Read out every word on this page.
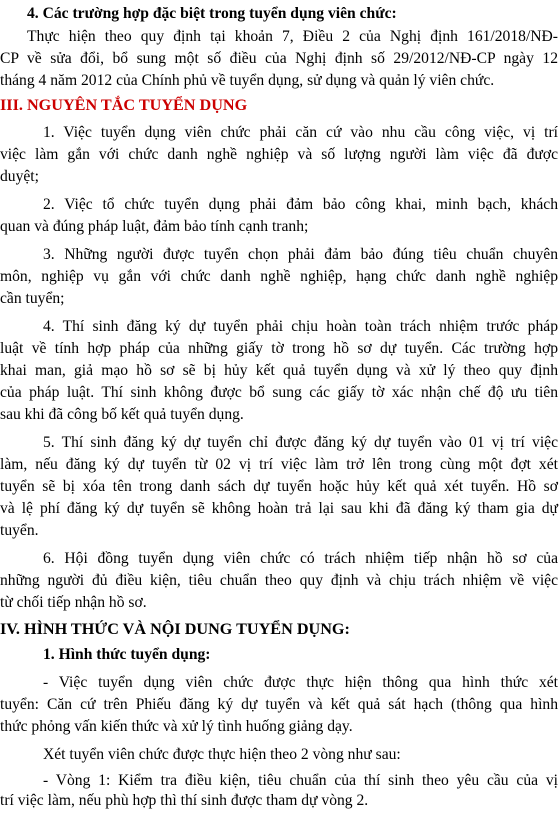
4. Các trường hợp đặc biệt trong tuyển dụng viên chức:
Thực hiện theo quy định tại khoản 7, Điều 2 của Nghị định 161/2018/NĐ-
CP về sửa đổi, bổ sung một số điều của Nghị định số 29/2012/NĐ-CP ngày 12
tháng 4 năm 2012 của Chính phủ về tuyển dụng, sử dụng và quản lý viên chức.
III. NGUYÊN TẮC TUYỂN DỤNG
1. Việc tuyển dụng viên chức phải căn cứ vào nhu cầu công việc, vị trí
việc làm gắn với chức danh nghề nghiệp và số lượng người làm việc đã được
duyệt;
2. Việc tổ chức tuyển dụng phải đảm bảo công khai, minh bạch, khách
quan và đúng pháp luật, đảm bảo tính cạnh tranh;
3. Những người được tuyển chọn phải đảm bảo đúng tiêu chuẩn chuyên
môn, nghiệp vụ gắn với chức danh nghề nghiệp, hạng chức danh nghề nghiệp
cần tuyển;
4. Thí sinh đăng ký dự tuyển phải chịu hoàn toàn trách nhiệm trước pháp
luật về tính hợp pháp của những giấy tờ trong hồ sơ dự tuyển. Các trường hợp
khai man, giả mạo hồ sơ sẽ bị hủy kết quả tuyển dụng và xử lý theo quy định
của pháp luật. Thí sinh không được bổ sung các giấy tờ xác nhận chế độ ưu tiên
sau khi đã công bố kết quả tuyển dụng.
5. Thí sinh đăng ký dự tuyển chỉ được đăng ký dự tuyển vào 01 vị trí việc
làm, nếu đăng ký dự tuyển từ 02 vị trí việc làm trở lên trong cùng một đợt xét
tuyển sẽ bị xóa tên trong danh sách dự tuyển hoặc hủy kết quả xét tuyển. Hồ sơ
và lệ phí đăng ký dự tuyển sẽ không hoàn trả lại sau khi đã đăng ký tham gia dự
tuyển.
6. Hội đồng tuyển dụng viên chức có trách nhiệm tiếp nhận hồ sơ của
những người đủ điều kiện, tiêu chuẩn theo quy định và chịu trách nhiệm về việc
từ chối tiếp nhận hồ sơ.
IV. HÌNH THỨC VÀ NỘI DUNG TUYỂN DỤNG:
1. Hình thức tuyển dụng:
- Việc tuyển dụng viên chức được thực hiện thông qua hình thức xét
tuyển: Căn cứ trên Phiếu đăng ký dự tuyển và kết quả sát hạch (thông qua hình
thức phỏng vấn kiến thức và xử lý tình huống giảng dạy.
Xét tuyển viên chức được thực hiện theo 2 vòng như sau:
- Vòng 1: Kiểm tra điều kiện, tiêu chuẩn của thí sinh theo yêu cầu của vị
trí việc làm, nếu phù hợp thì thí sinh được tham dự vòng 2.
